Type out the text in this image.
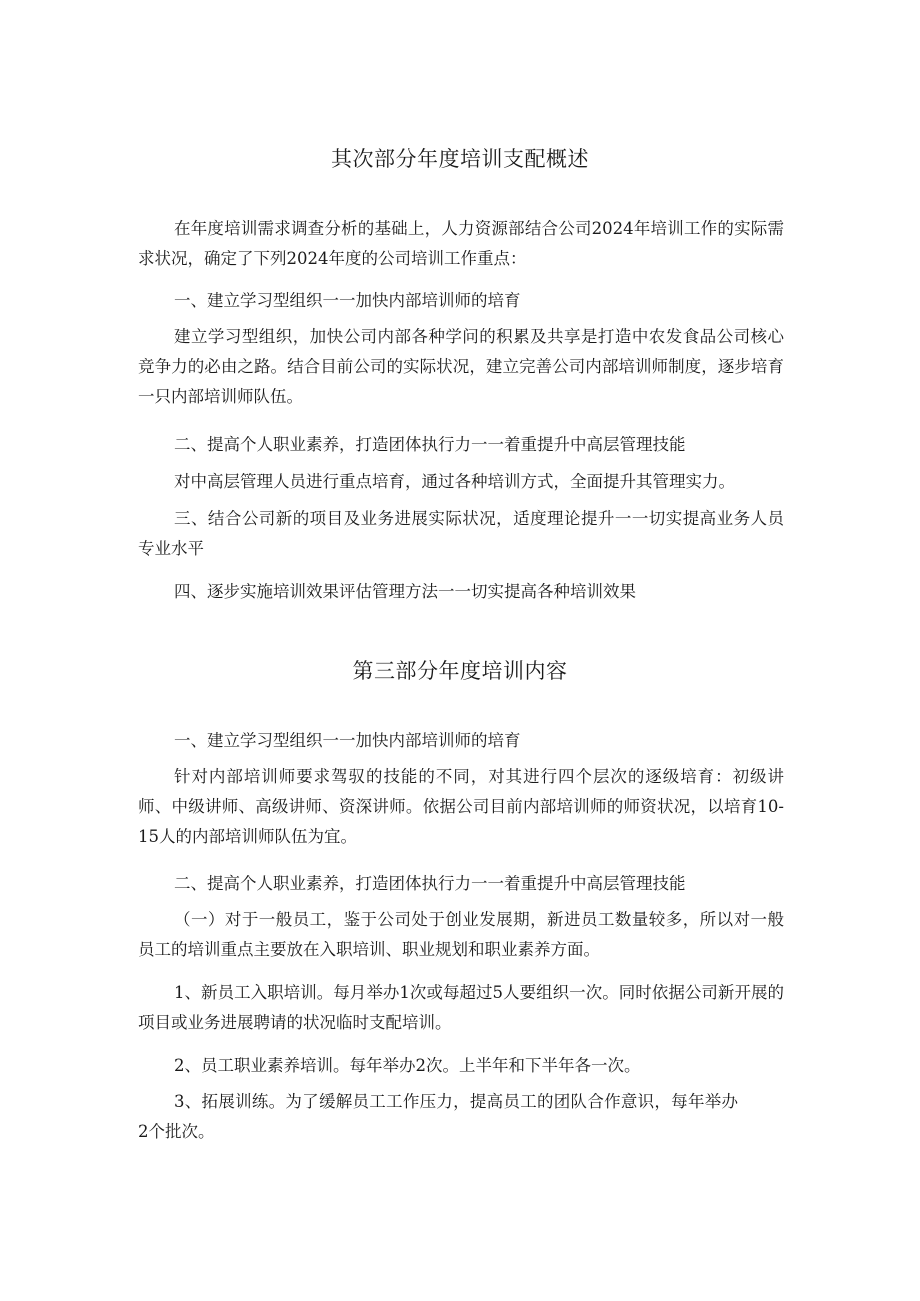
其次部分年度培训支配概述

在年度培训需求调查分析的基础上，人力资源部结合公司2024年培训工作的实际需求状况，确定了下列2024年度的公司培训工作重点：

一、建立学习型组织一一加快内部培训师的培育

建立学习型组织，加快公司内部各种学问的积累及共享是打造中农发食品公司核心竞争力的必由之路。结合目前公司的实际状况，建立完善公司内部培训师制度，逐步培育一只内部培训师队伍。

二、提高个人职业素养，打造团体执行力一一着重提升中高层管理技能

对中高层管理人员进行重点培育，通过各种培训方式，全面提升其管理实力。

三、结合公司新的项目及业务进展实际状况，适度理论提升一一切实提高业务人员专业水平

四、逐步实施培训效果评估管理方法一一切实提高各种培训效果

第三部分年度培训内容

一、建立学习型组织一一加快内部培训师的培育

针对内部培训师要求驾驭的技能的不同，对其进行四个层次的逐级培育：初级讲师、中级讲师、高级讲师、资深讲师。依据公司目前内部培训师的师资状况，以培育10-15人的内部培训师队伍为宜。

二、提高个人职业素养，打造团体执行力一一着重提升中高层管理技能

（一）对于一般员工，鉴于公司处于创业发展期，新进员工数量较多，所以对一般员工的培训重点主要放在入职培训、职业规划和职业素养方面。

1、新员工入职培训。每月举办1次或每超过5人要组织一次。同时依据公司新开展的项目或业务进展聘请的状况临时支配培训。

2、员工职业素养培训。每年举办2次。上半年和下半年各一次。

3、拓展训练。为了缓解员工工作压力，提高员工的团队合作意识，每年举办2个批次。
